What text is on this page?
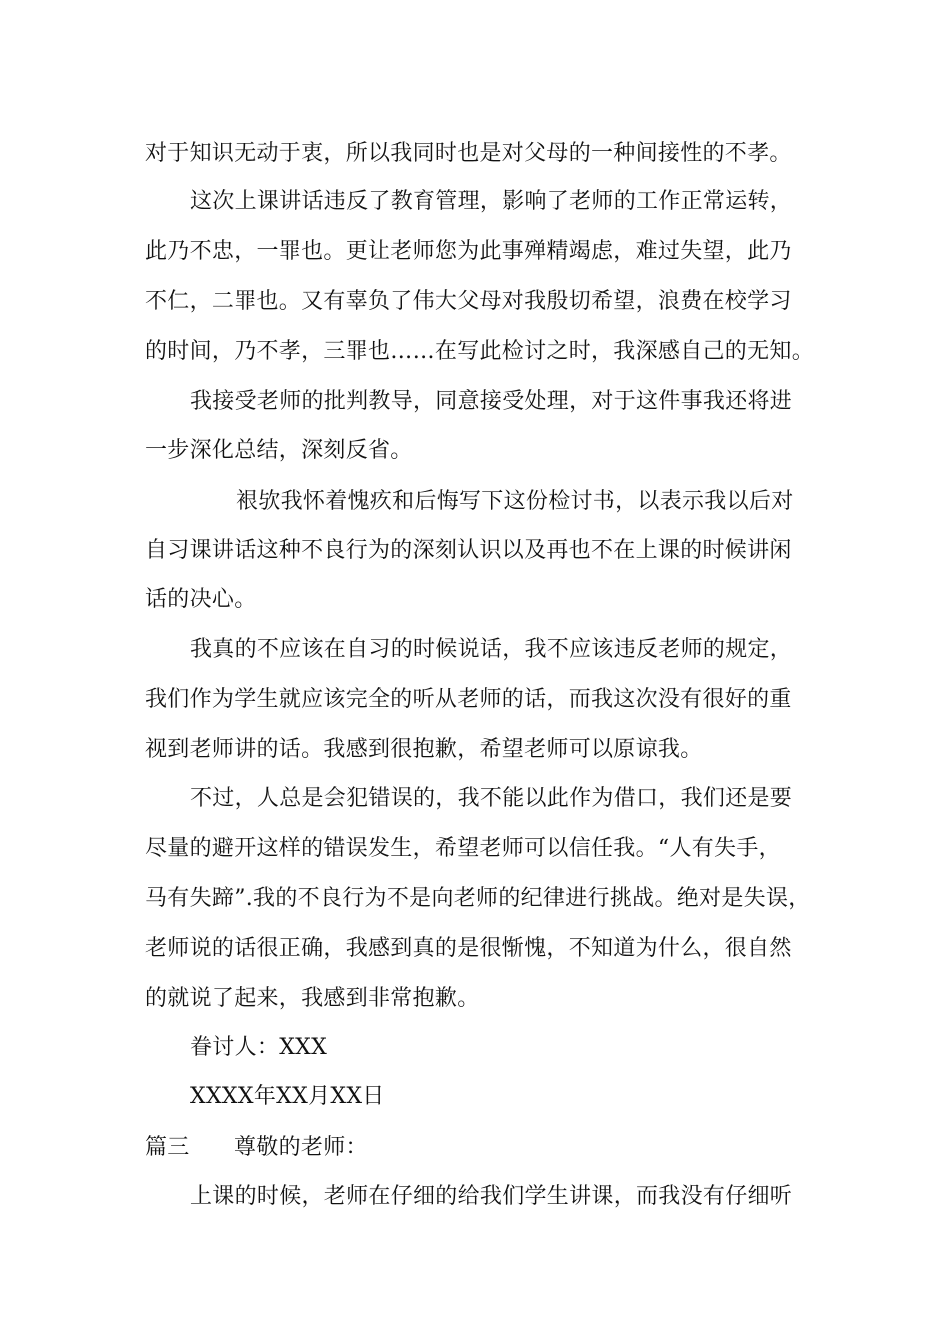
对于知识无动于衷，所以我同时也是对父母的一种间接性的不孝。
这次上课讲话违反了教育管理，影响了老师的工作正常运转，
此乃不忠，一罪也。更让老师您为此事殚精竭虑，难过失望，此乃
不仁，二罪也。又有辜负了伟大父母对我殷切希望，浪费在校学习
的时间，乃不孝，三罪也……在写此检讨之时，我深感自己的无知。
我接受老师的批判教导，同意接受处理，对于这件事我还将进
一步深化总结，深刻反省。
裉欤我怀着愧疚和后悔写下这份检讨书，以表示我以后对
自习课讲话这种不良行为的深刻认识以及再也不在上课的时候讲闲
话的决心。
我真的不应该在自习的时候说话，我不应该违反老师的规定，
我们作为学生就应该完全的听从老师的话，而我这次没有很好的重
视到老师讲的话。我感到很抱歉，希望老师可以原谅我。
不过，人总是会犯错误的，我不能以此作为借口，我们还是要
尽量的避开这样的错误发生，希望老师可以信任我。“人有失手，
马有失蹄”.我的不良行为不是向老师的纪律进行挑战。绝对是失误，
老师说的话很正确，我感到真的是很惭愧，不知道为什么，很自然
的就说了起来，我感到非常抱歉。
眷讨人：XXX
XXXX年XX月XX日
篇三 尊敬的老师：
上课的时候，老师在仔细的给我们学生讲课，而我没有仔细听
